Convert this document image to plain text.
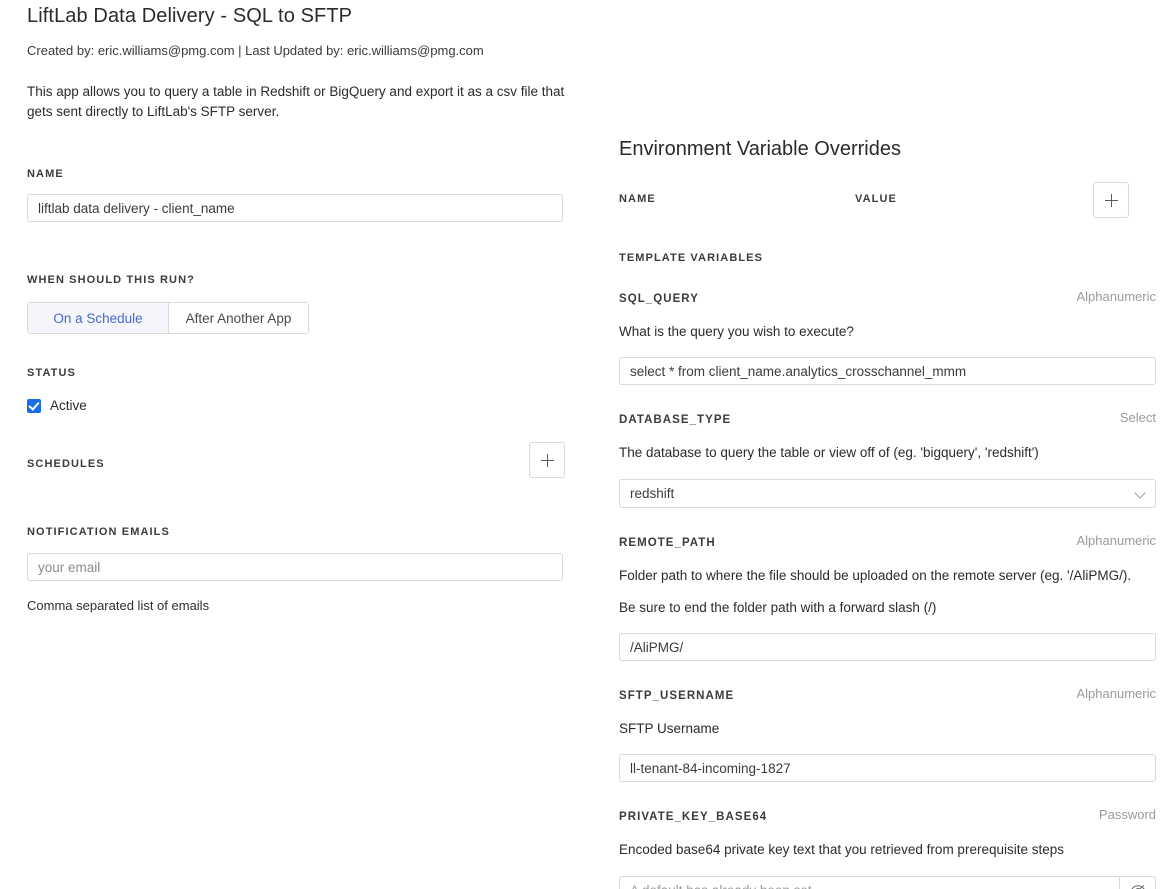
LiftLab Data Delivery - SQL to SFTP
Created by: eric.williams@pmg.com | Last Updated by: eric.williams@pmg.com
This app allows you to query a table in Redshift or BigQuery and export it as a csv file that gets sent directly to LiftLab's SFTP server.
NAME
liftlab data delivery - client_name
WHEN SHOULD THIS RUN?
On a Schedule	After Another App
STATUS
Active
SCHEDULES
NOTIFICATION EMAILS
your email
Comma separated list of emails
Environment Variable Overrides
NAME	VALUE
TEMPLATE VARIABLES
SQL_QUERY	Alphanumeric
What is the query you wish to execute?
select * from client_name.analytics_crosschannel_mmm
DATABASE_TYPE	Select
The database to query the table or view off of (eg. 'bigquery', 'redshift')
redshift
REMOTE_PATH	Alphanumeric
Folder path to where the file should be uploaded on the remote server (eg. '/AliPMG/).
Be sure to end the folder path with a forward slash (/)
/AliPMG/
SFTP_USERNAME	Alphanumeric
SFTP Username
ll-tenant-84-incoming-1827
PRIVATE_KEY_BASE64	Password
Encoded base64 private key text that you retrieved from prerequisite steps
A default has already been set.
